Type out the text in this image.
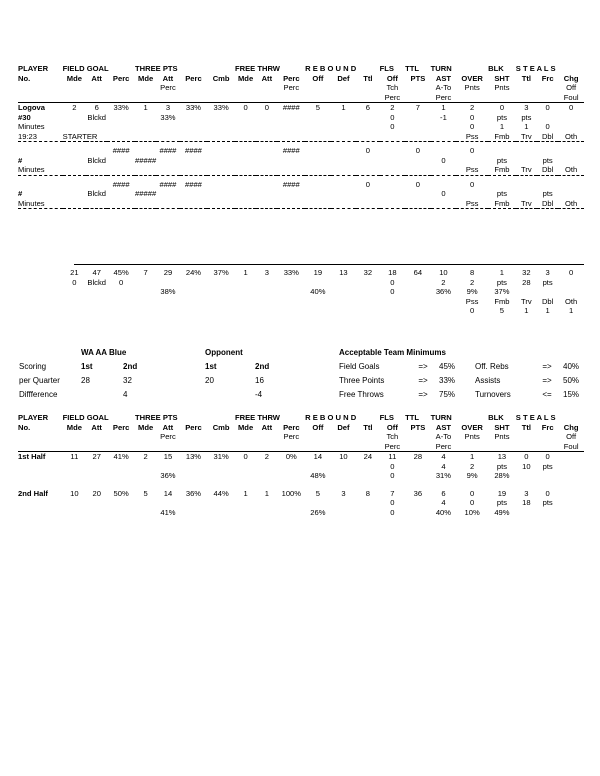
PLAYER	FIELD GOAL			THREE PTS				FREE THRW			R E B O U N D			FLS	TTL	TURN		BLK	S T E A L S		
No.	Mde	Att	Perc	Mde	Att	Perc	Cmb	Mde	Att	Perc	Off	Def	Ttl	Off	PTS	AST	OVER	SHT	Ttl	Frc	Chg
					Perc					Perc				Tch		A-To	Pnts	Pnts			Off
														Perc		Perc					Foul

Logova	2	6	33%	1	3	33%	33%	0	0	####	5	1	6	2	7	1	2	0	3	0	0
#30		Blckd			33%									0		-1	0	pts	pts		
Minutes														0			0	1	1	0	
19:23	STARTER																Pss	Fmb	Trv	Dbl	Oth

			####		####	####				####			0		0		0				
#		Blckd		#####												0		pts		pts	
Minutes																	Pss	Fmb	Trv	Dbl	Oth

			####		####	####				####			0		0		0				
#		Blckd		#####												0		pts		pts	
Minutes																	Pss	Fmb	Trv	Dbl	Oth

	21	47	45%	7	29	24%	37%	1	3	33%	19	13	32	18	64	10	8	1	32	3	0
	0	Blckd	0											0		2	2	pts	28	pts	
					38%						40%			0		36%	9%	37%			
																	Pss	Fmb	Trv	Dbl	Oth
																	0	5	1	1	1
	WA AA Blue			Opponent			Acceptable Team Minimums					
Scoring	1st	2nd		1st	2nd		Field Goals	=>	45%	Off. Rebs	=>	40%
per Quarter	28	32		20	16		Three Points	=>	33%	Assists	=>	50%
Diffference		4			-4		Free Throws	=>	75%	Turnovers	<=	15%
PLAYER	FIELD GOAL			THREE PTS				FREE THRW			R E B O U N D			FLS	TTL	TURN		BLK	S T E A L S		
No.	Mde	Att	Perc	Mde	Att	Perc	Cmb	Mde	Att	Perc	Off	Def	Ttl	Off	PTS	AST	OVER	SHT	Ttl	Frc	Chg
					Perc					Perc				Tch		A-To	Pnts	Pnts			Off
														Perc		Perc					Foul

1st Half	11	27	41%	2	15	13%	31%	0	2	0%	14	10	24	11	28	4	1	13	0	0	
														0		4	2	pts	10	pts	
					36%						48%			0		31%	9%	28%			

2nd Half	10	20	50%	5	14	36%	44%	1	1	100%	5	3	8	7	36	6	0	19	3	0	
														0		4	0	pts	18	pts	
					41%						26%			0		40%	10%	49%			
